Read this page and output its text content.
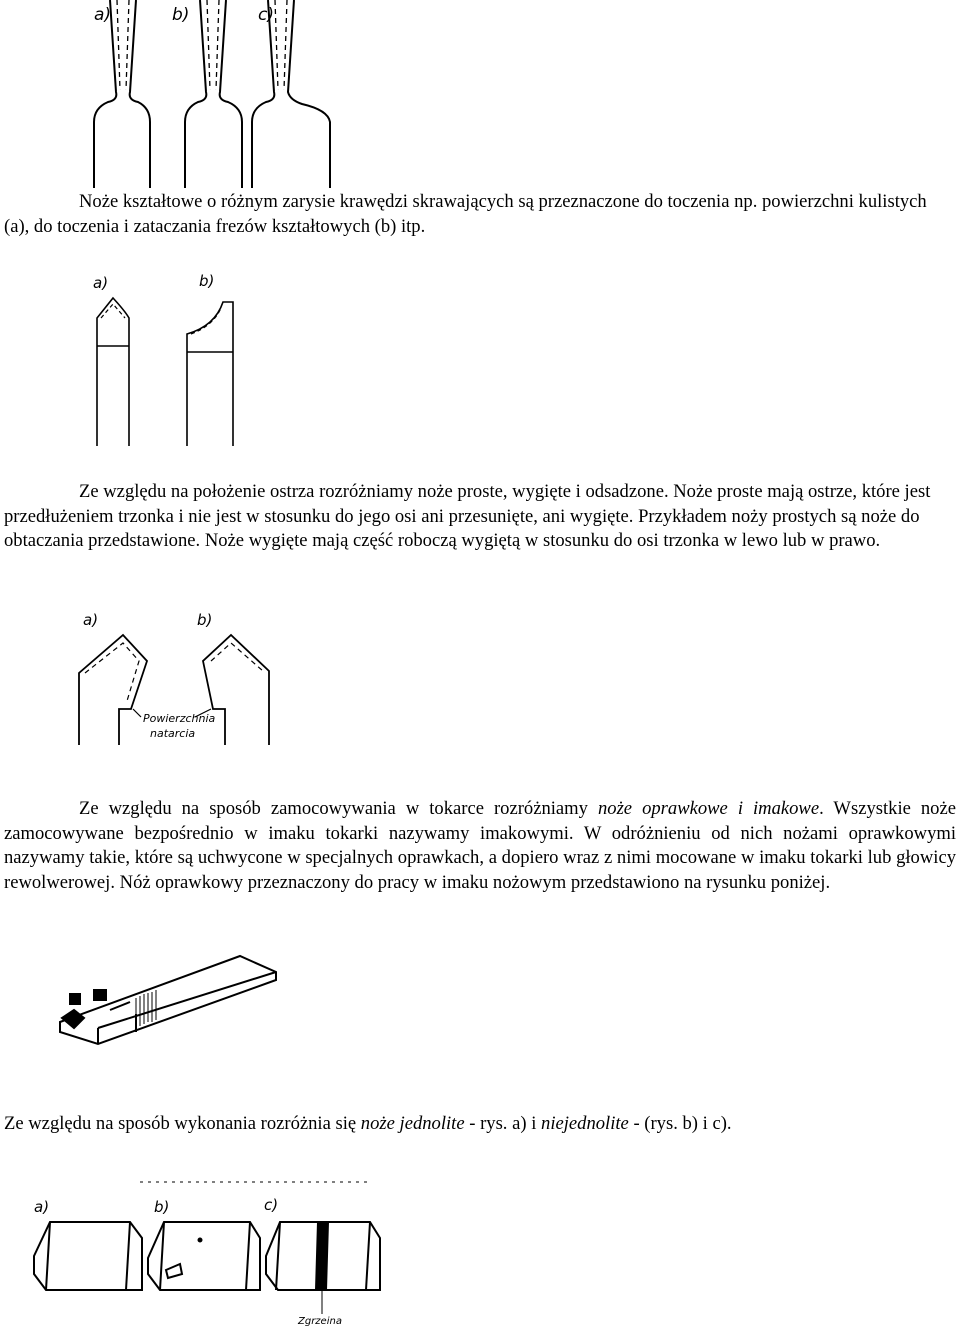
a)	b)	c)

Noże kształtowe o różnym zarysie krawędzi skrawających są przeznaczone do toczenia np. powierzchni kulistych (a), do toczenia i zataczania frezów kształtowych (b) itp.

a)	b)

Ze względu na położenie ostrza rozróżniamy noże proste, wygięte i odsadzone. Noże proste mają ostrze, które jest przedłużeniem trzonka i nie jest w stosunku do jego osi ani przesunięte, ani wygięte. Przykładem noży prostych są noże do obtaczania przedstawione. Noże wygięte mają część roboczą wygiętą w stosunku do osi trzonka w lewo lub w prawo.

a)	b)
Powierzchnia
natarcia

Ze względu na sposób zamocowywania w tokarce rozróżniamy noże oprawkowe i imakowe. Wszystkie noże zamocowywane bezpośrednio w imaku tokarki nazywamy imakowymi. W odróżnieniu od nich nożami oprawkowymi nazywamy takie, które są uchwycone w specjalnych oprawkach, a dopiero wraz z nimi mocowane w imaku tokarki lub głowicy rewolwerowej. Nóż oprawkowy przeznaczony do pracy w imaku nożowym przedstawiono na rysunku poniżej.

Ze względu na sposób wykonania rozróżnia się noże jednolite - rys. a) i niejednolite - (rys. b) i c).

a)	b)	c)
Zgrzeina
